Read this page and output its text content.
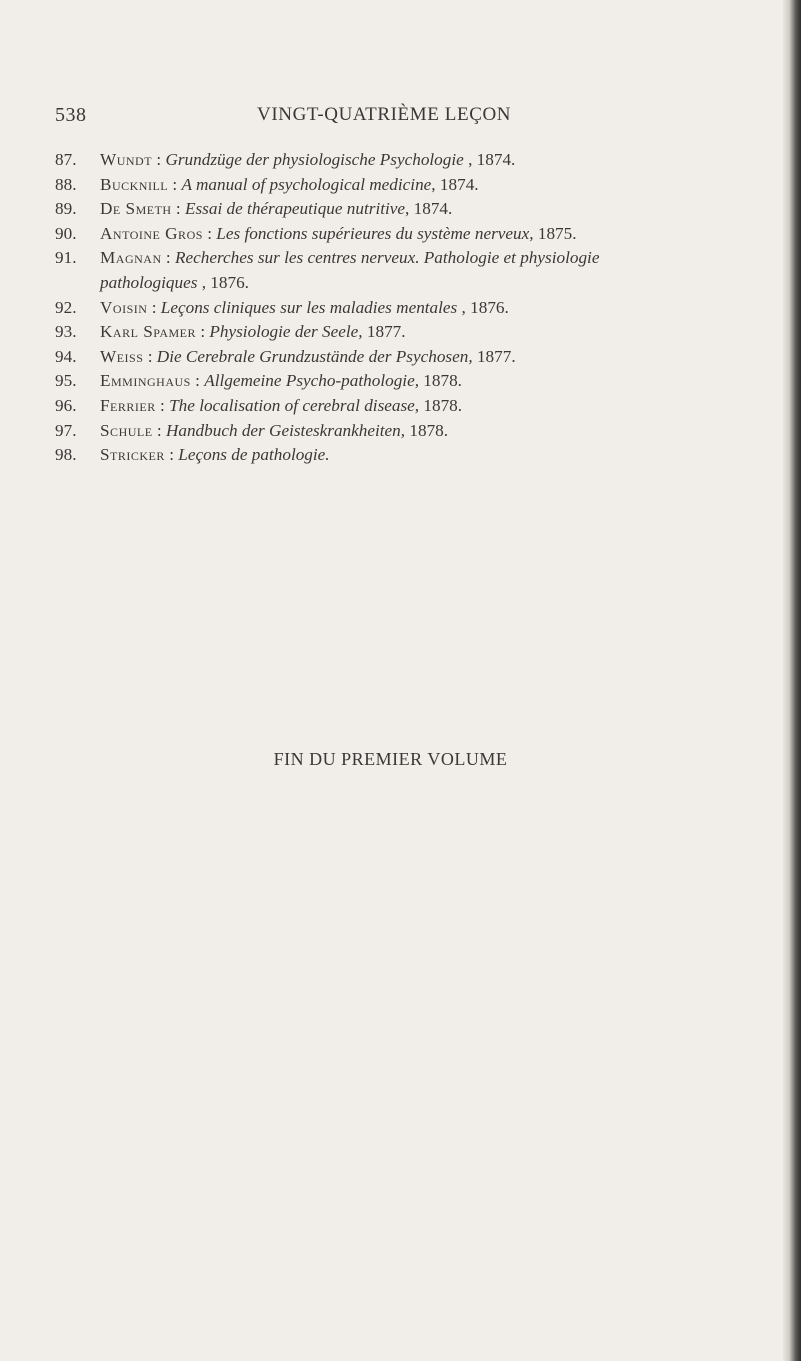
538	VINGT-QUATRIÈME LEÇON
87. Wundt : Grundzüge der physiologische Psychologie , 1874.
88. Bucknill : A manual of psychological medicine, 1874.
89. De Smeth : Essai de thérapeutique nutritive, 1874.
90. Antoine Gros : Les fonctions supérieures du système nerveux, 1875.
91. Magnan : Recherches sur les centres nerveux. Pathologie et physiologie
pathologiques , 1876.
92. Voisin : Leçons cliniques sur les maladies mentales , 1876.
93. Karl Spamer : Physiologie der Seele, 1877.
94. Weiss : Die Cerebrale Grundzustände der Psychosen, 1877.
95. Emminghaus : Allgemeine Psycho-pathologie, 1878.
96. Ferrier : The localisation of cerebral disease, 1878.
97. Schule : Handbuch der Geisteskrankheiten, 1878.
98. Stricker : Leçons de pathologie.
FIN DU PREMIER VOLUME
